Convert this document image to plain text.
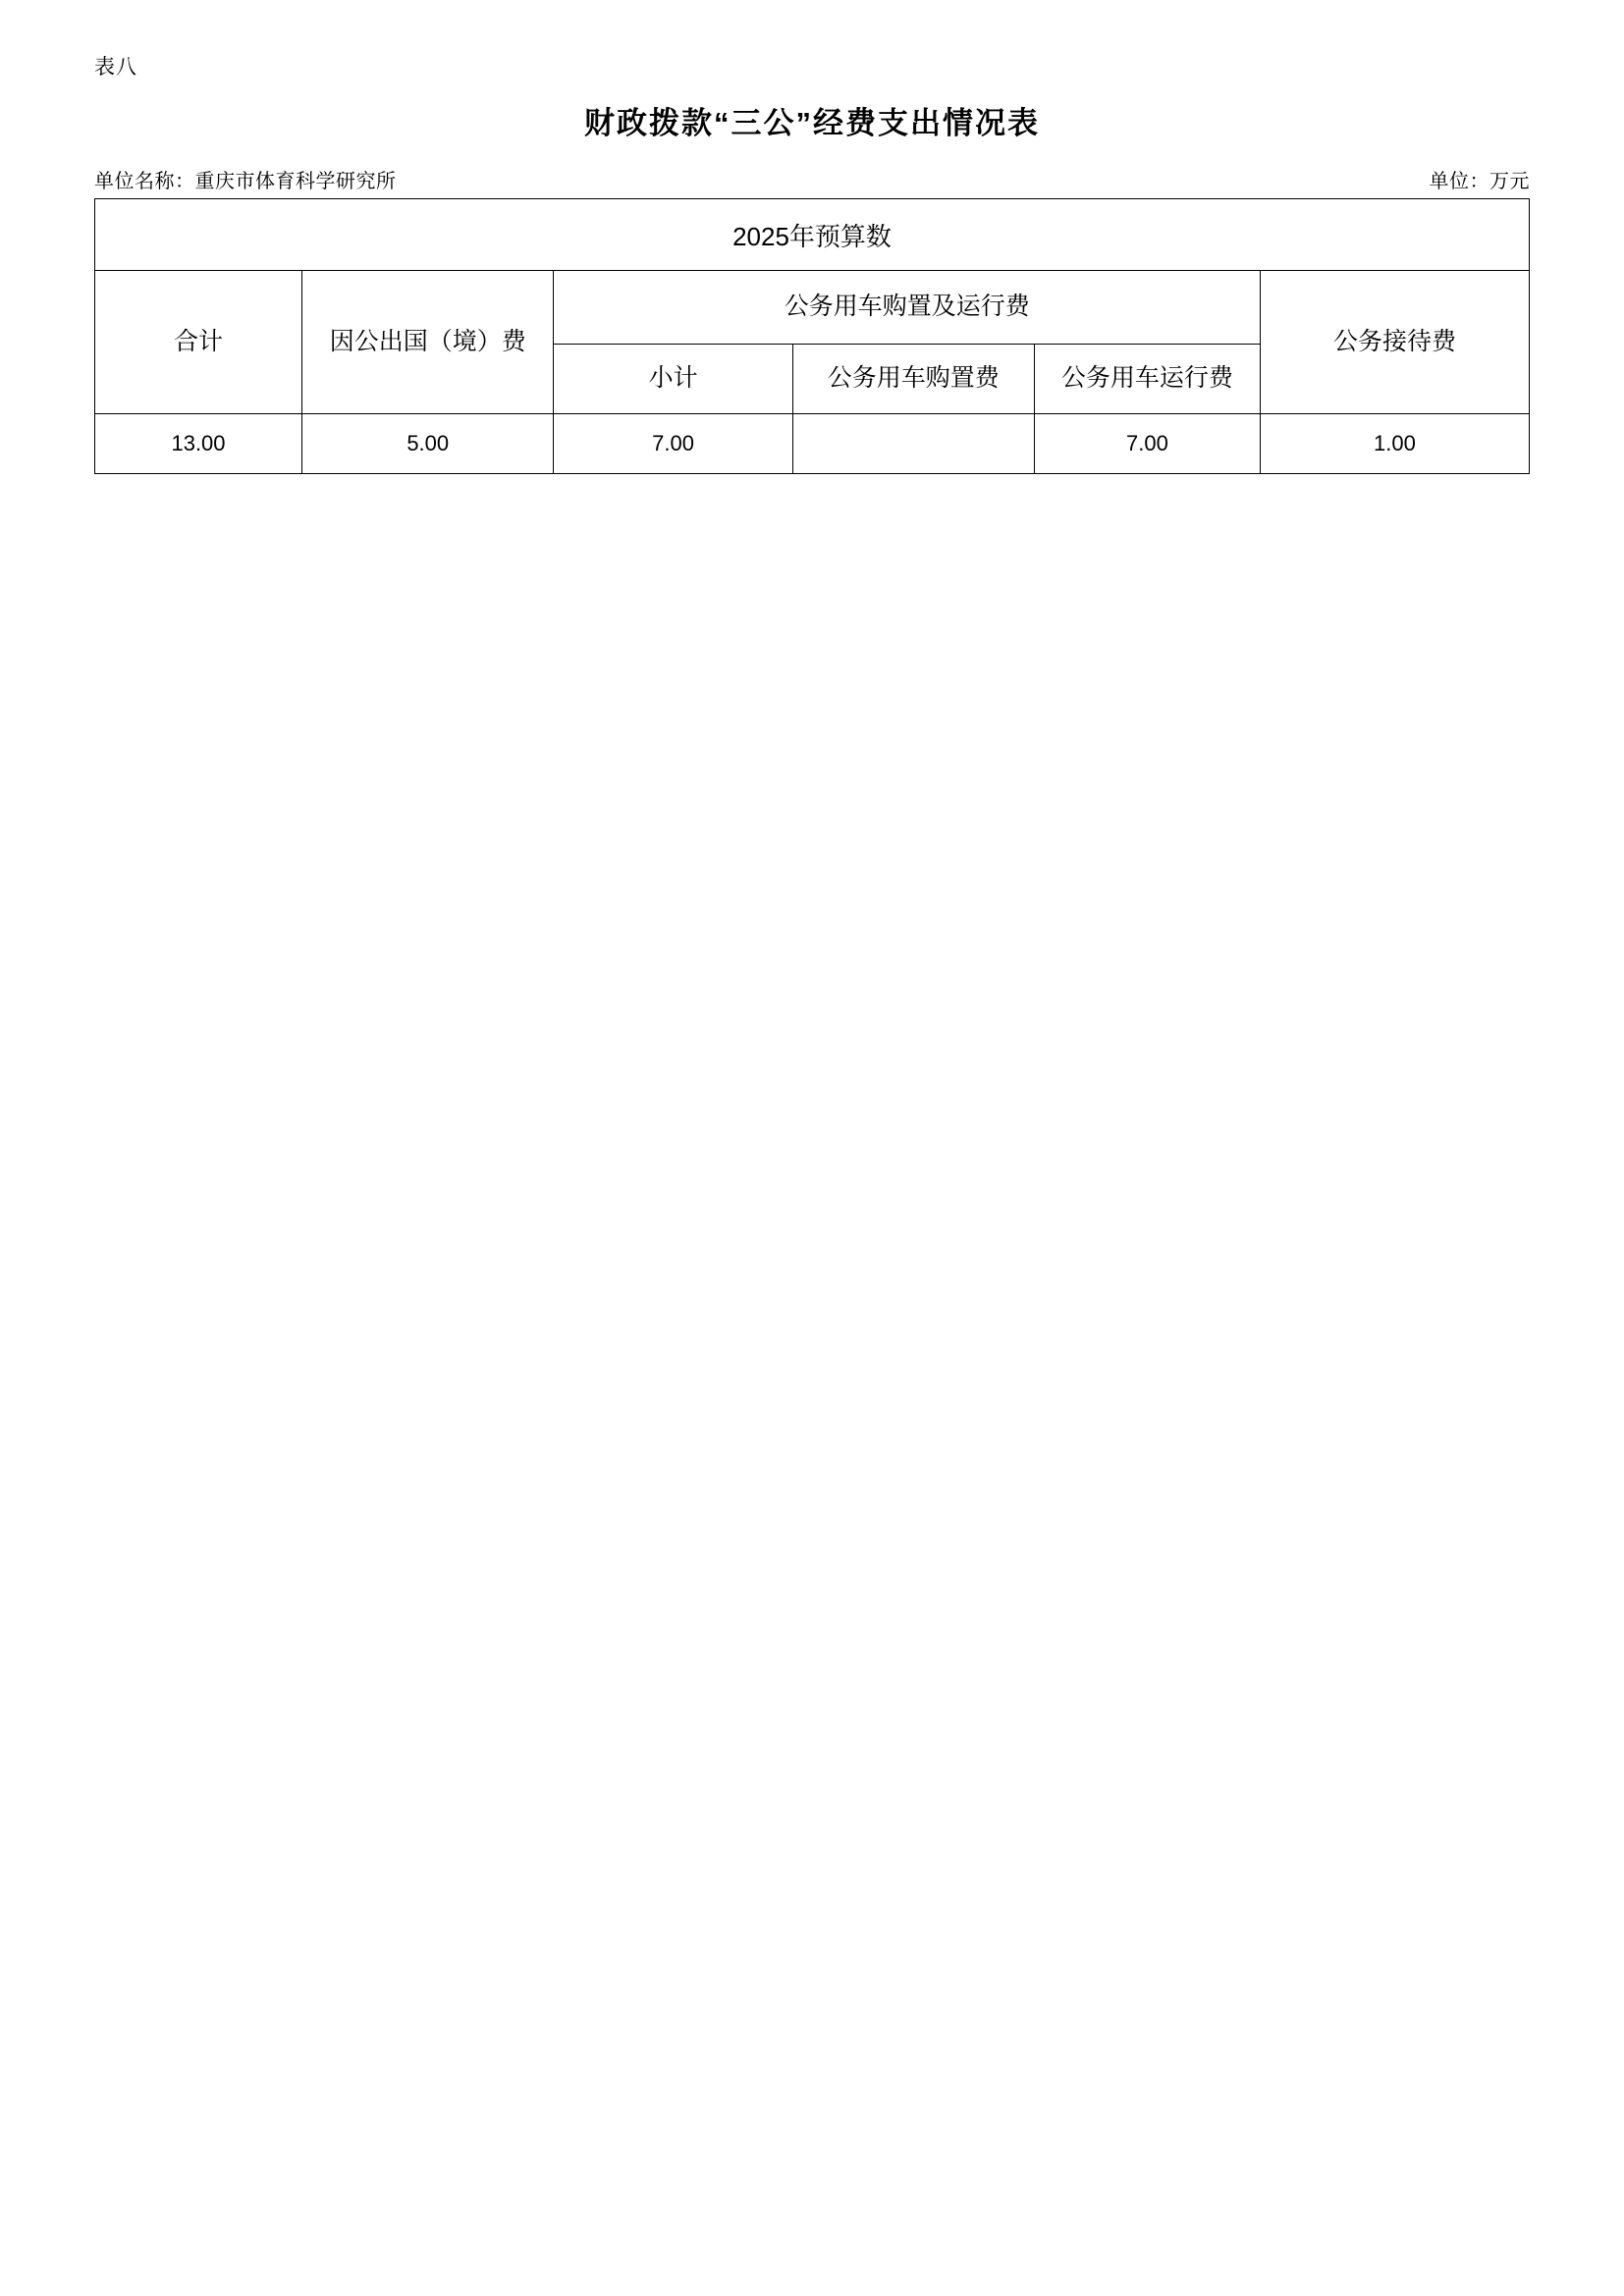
表八
财政拨款“三公”经费支出情况表
单位名称：重庆市体育科学研究所	单位：万元
2025年预算数					
合计	因公出国（境）费	公务用车购置及运行费			公务接待费
		小计	公务用车购置费	公务用车运行费	
13.00	5.00	7.00		7.00	1.00
